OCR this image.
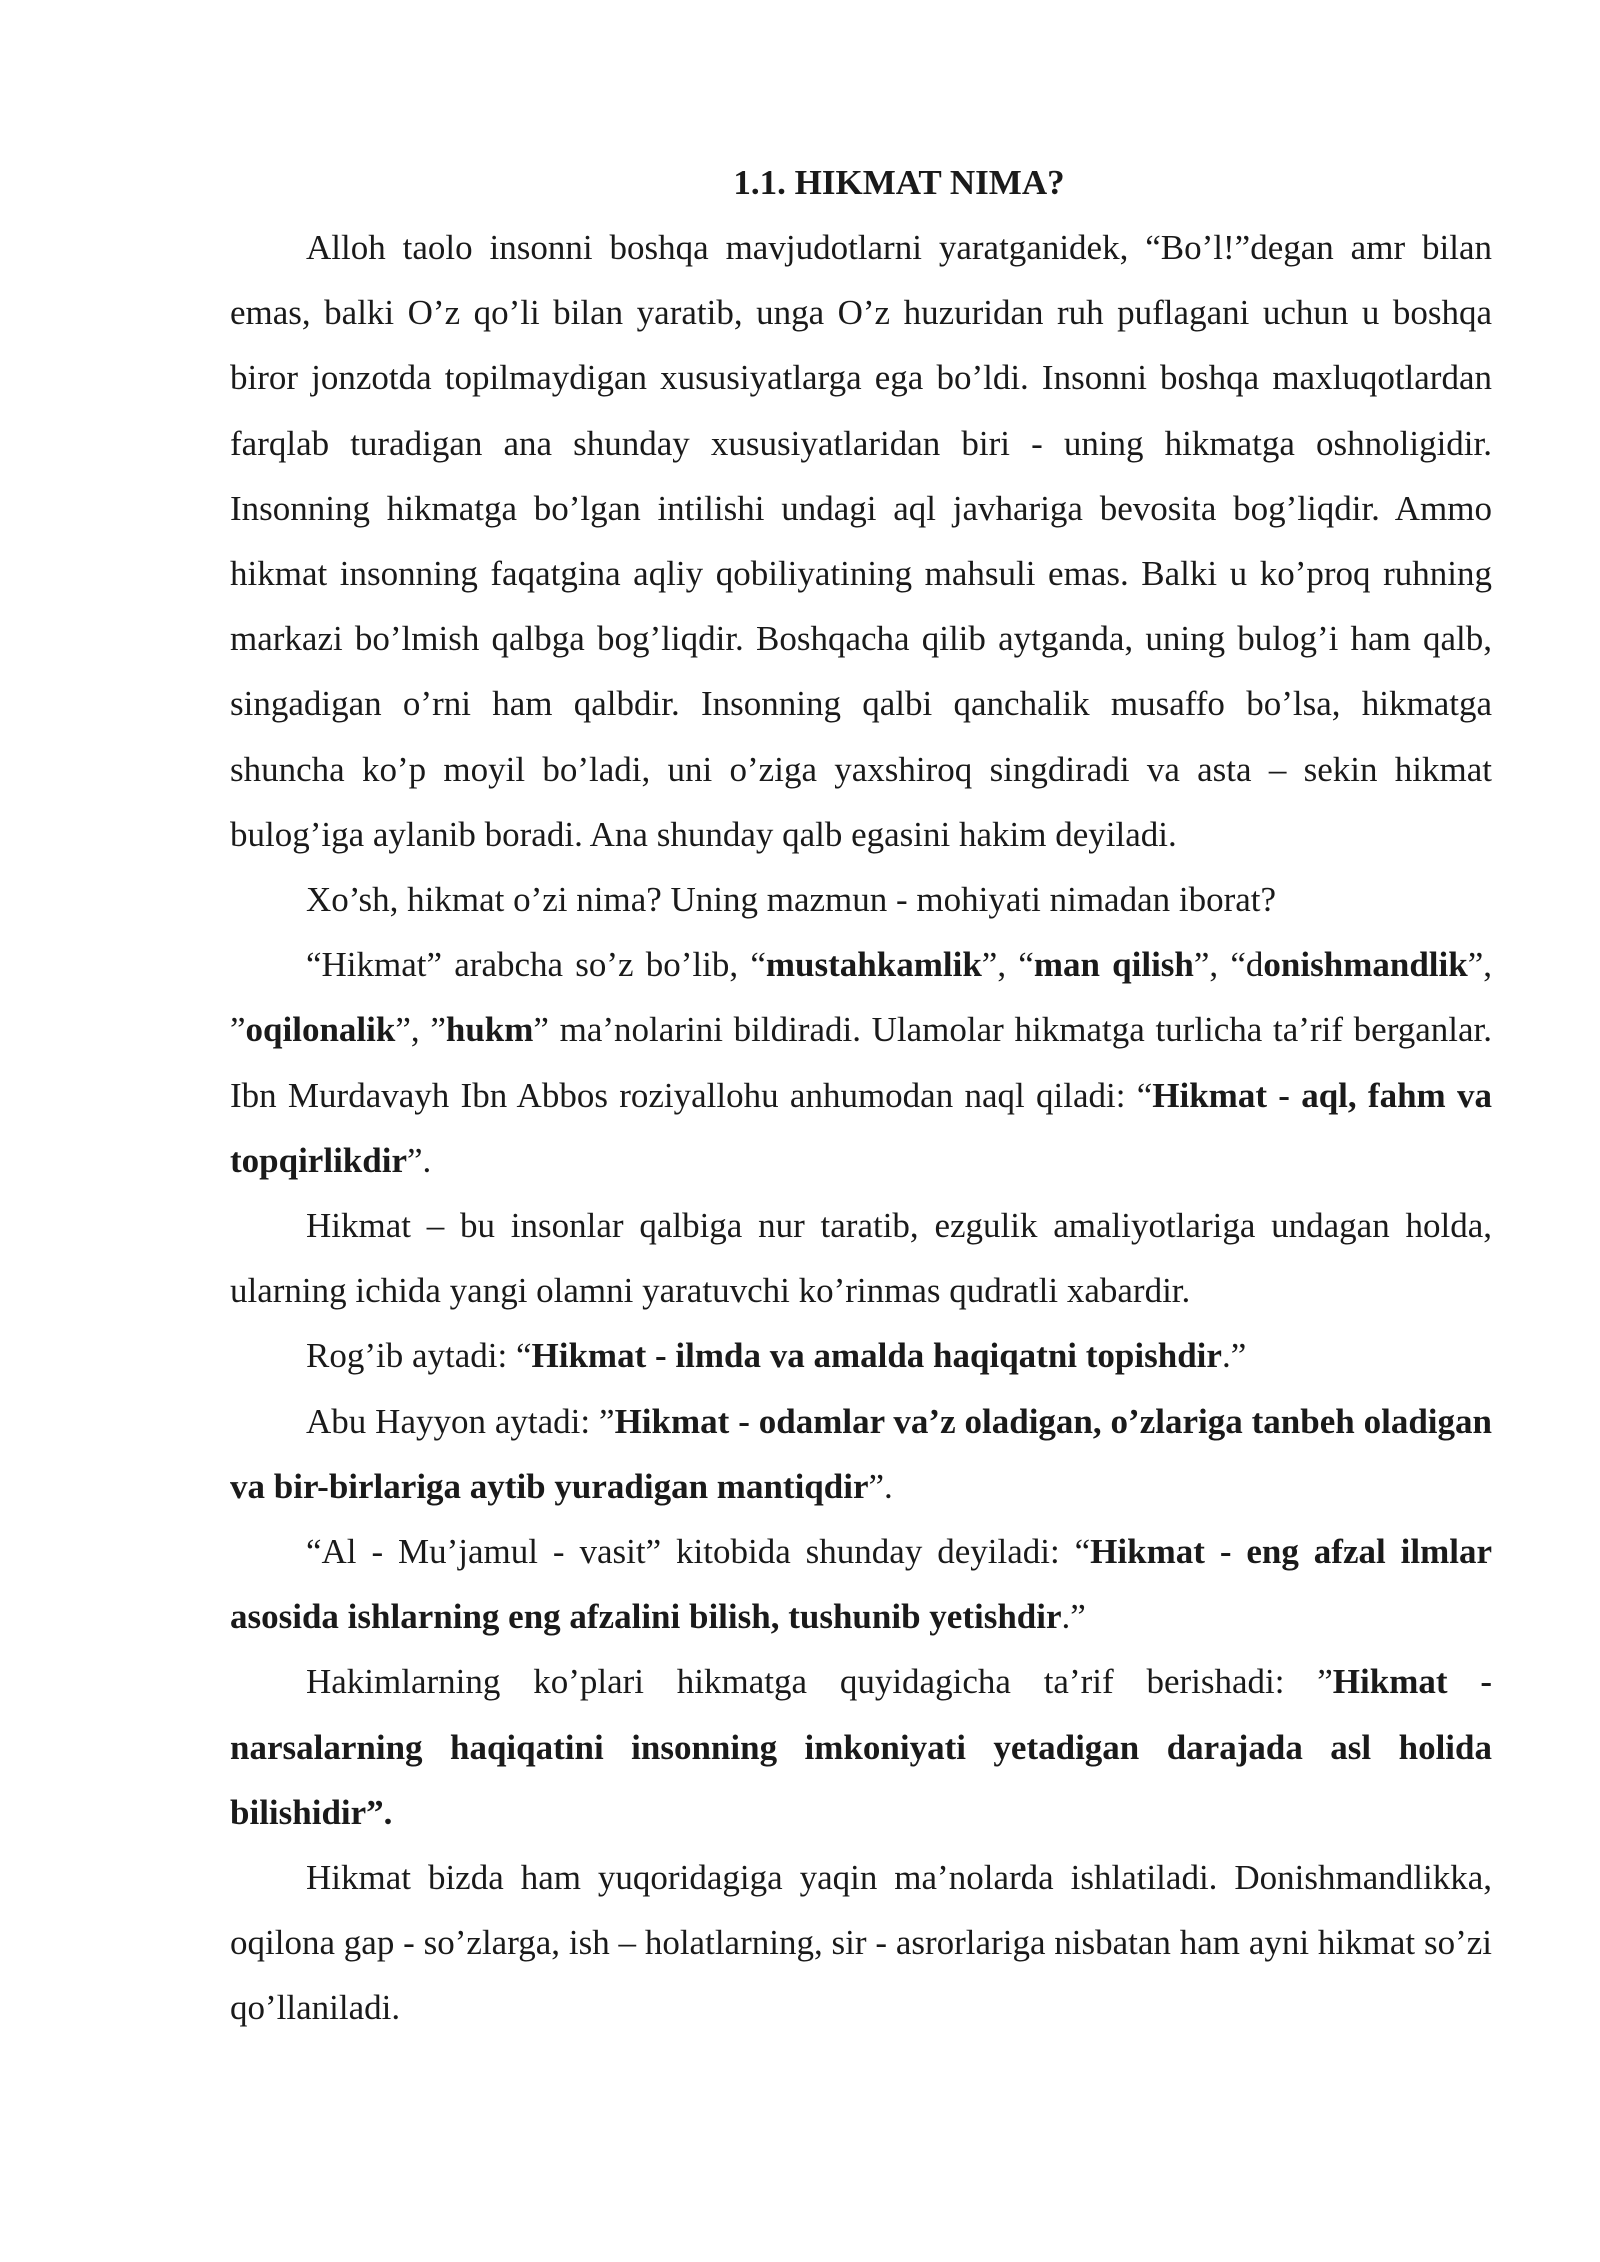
1.1. HIKMAT NIMA?

Alloh taolo insonni boshqa mavjudotlarni yaratganidek, “Bo’l!”degan amr bilan emas, balki O’z qo’li bilan yaratib, unga O’z huzuridan ruh puflagani uchun u boshqa biror jonzotda topilmaydigan xususiyatlarga ega bo’ldi. Insonni boshqa maxluqotlardan farqlab turadigan ana shunday xususiyatlaridan biri - uning hikmatga oshnoligidir. Insonning hikmatga bo’lgan intilishi undagi aql javhariga bevosita bog’liqdir. Ammo hikmat insonning faqatgina aqliy qobiliyatining mahsuli emas. Balki u ko’proq ruhning markazi bo’lmish qalbga bog’liqdir. Boshqacha qilib aytganda, uning bulog’i ham qalb, singadigan o’rni ham qalbdir. Insonning qalbi qanchalik musaffo bo’lsa, hikmatga shuncha ko’p moyil bo’ladi, uni o’ziga yaxshiroq singdiradi va asta – sekin hikmat bulog’iga aylanib boradi. Ana shunday qalb egasini hakim deyiladi.

Xo’sh, hikmat o’zi nima? Uning mazmun - mohiyati nimadan iborat?

“Hikmat” arabcha so’z bo’lib, “mustahkamlik”, “man qilish”, “donishmandlik”, ”oqilonalik”, ”hukm” ma’nolarini bildiradi. Ulamolar hikmatga turlicha ta’rif berganlar. Ibn Murdavayh Ibn Abbos roziyallohu anhumodan naql qiladi: “Hikmat - aql, fahm va topqirlikdir”.

Hikmat – bu insonlar qalbiga nur taratib, ezgulik amaliyotlariga undagan holda, ularning ichida yangi olamni yaratuvchi ko’rinmas qudratli xabardir.

Rog’ib aytadi: “Hikmat - ilmda va amalda haqiqatni topishdir.”

Abu Hayyon aytadi: ”Hikmat - odamlar va’z oladigan, o’zlariga tanbeh oladigan va bir-birlariga aytib yuradigan mantiqdir”.

“Al - Mu’jamul - vasit” kitobida shunday deyiladi: “Hikmat - eng afzal ilmlar asosida ishlarning eng afzalini bilish, tushunib yetishdir.”

Hakimlarning ko’plari hikmatga quyidagicha ta’rif berishadi: ”Hikmat - narsalarning haqiqatini insonning imkoniyati yetadigan darajada asl holida bilishidir”.

Hikmat bizda ham yuqoridagiga yaqin ma’nolarda ishlatiladi. Donishmandlikka, oqilona gap - so’zlarga, ish – holatlarning, sir - asrorlariga nisbatan ham ayni hikmat so’zi qo’llaniladi.
